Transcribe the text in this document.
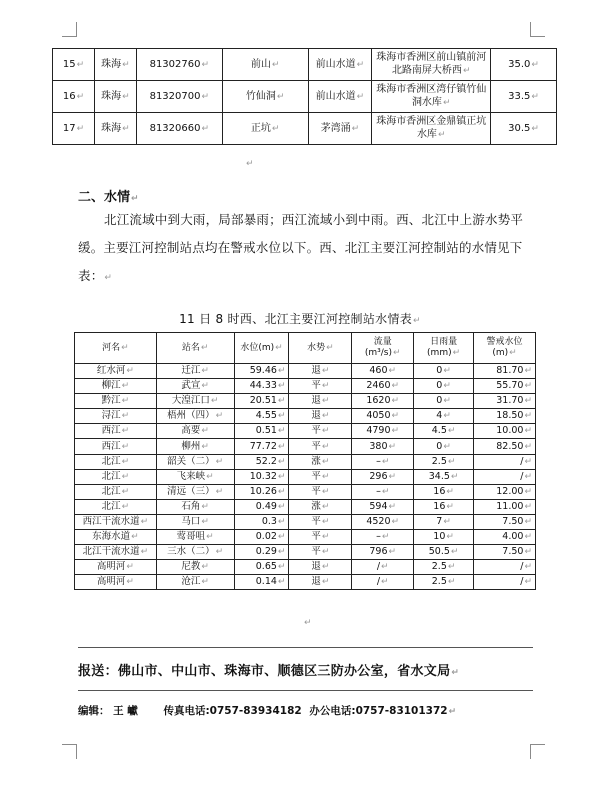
15↵	珠海↵	81302760↵	前山↵	前山水道↵	珠海市香洲区前山镇前河北路南屏大桥西↵	35.0↵
16↵	珠海↵	81320700↵	竹仙洞↵	前山水道↵	珠海市香洲区湾仔镇竹仙洞水库↵	33.5↵
17↵	珠海↵	81320660↵	正坑↵	茅湾涌↵	珠海市香洲区金鼎镇正坑水库↵	30.5↵
↵
二、水情↵
北江流域中到大雨，局部暴雨；西江流域小到中雨。西、北江中上游水势平缓。主要江河控制站点均在警戒水位以下。西、北江主要江河控制站的水情见下表：↵
11 日 8 时西、北江主要江河控制站水情表↵
河名↵	站名↵	水位(m)↵	水势↵	流量
(m³/s)↵	日雨量
(mm)↵	警戒水位
(m)↵
红水河↵	迁江↵	59.46↵	退↵	460↵	0↵	81.70↵
柳江↵	武宣↵	44.33↵	平↵	2460↵	0↵	55.70↵
黔江↵	大湟江口↵	20.51↵	退↵	1620↵	0↵	31.70↵
浔江↵	梧州（四）↵	4.55↵	退↵	4050↵	4↵	18.50↵
西江↵	高要↵	0.51↵	平↵	4790↵	4.5↵	10.00↵
西江↵	柳州↵	77.72↵	平↵	380↵	0↵	82.50↵
北江↵	韶关（二）↵	52.2↵	涨↵	–↵	2.5↵	/↵
北江↵	飞来峡↵	10.32↵	平↵	296↵	34.5↵	/↵
北江↵	清远（三）↵	10.26↵	平↵	–↵	16↵	12.00↵
北江↵	石角↵	0.49↵	涨↵	594↵	16↵	11.00↵
西江干流水道↵	马口↵	0.3↵	平↵	4520↵	7↵	7.50↵
东海水道↵	莺哥咀↵	0.02↵	平↵	–↵	10↵	4.00↵
北江干流水道↵	三水（二）↵	0.29↵	平↵	796↵	50.5↵	7.50↵
高明河↵	尼教↵	0.65↵	退↵	/↵	2.5↵	/↵
高明河↵	沧江↵	0.14↵	退↵	/↵	2.5↵	/↵
↵
报送：佛山市、中山市、珠海市、顺德区三防办公室，省水文局↵
编辑： 王 巘 传真电话:0757-83934182 办公电话:0757-83101372↵
